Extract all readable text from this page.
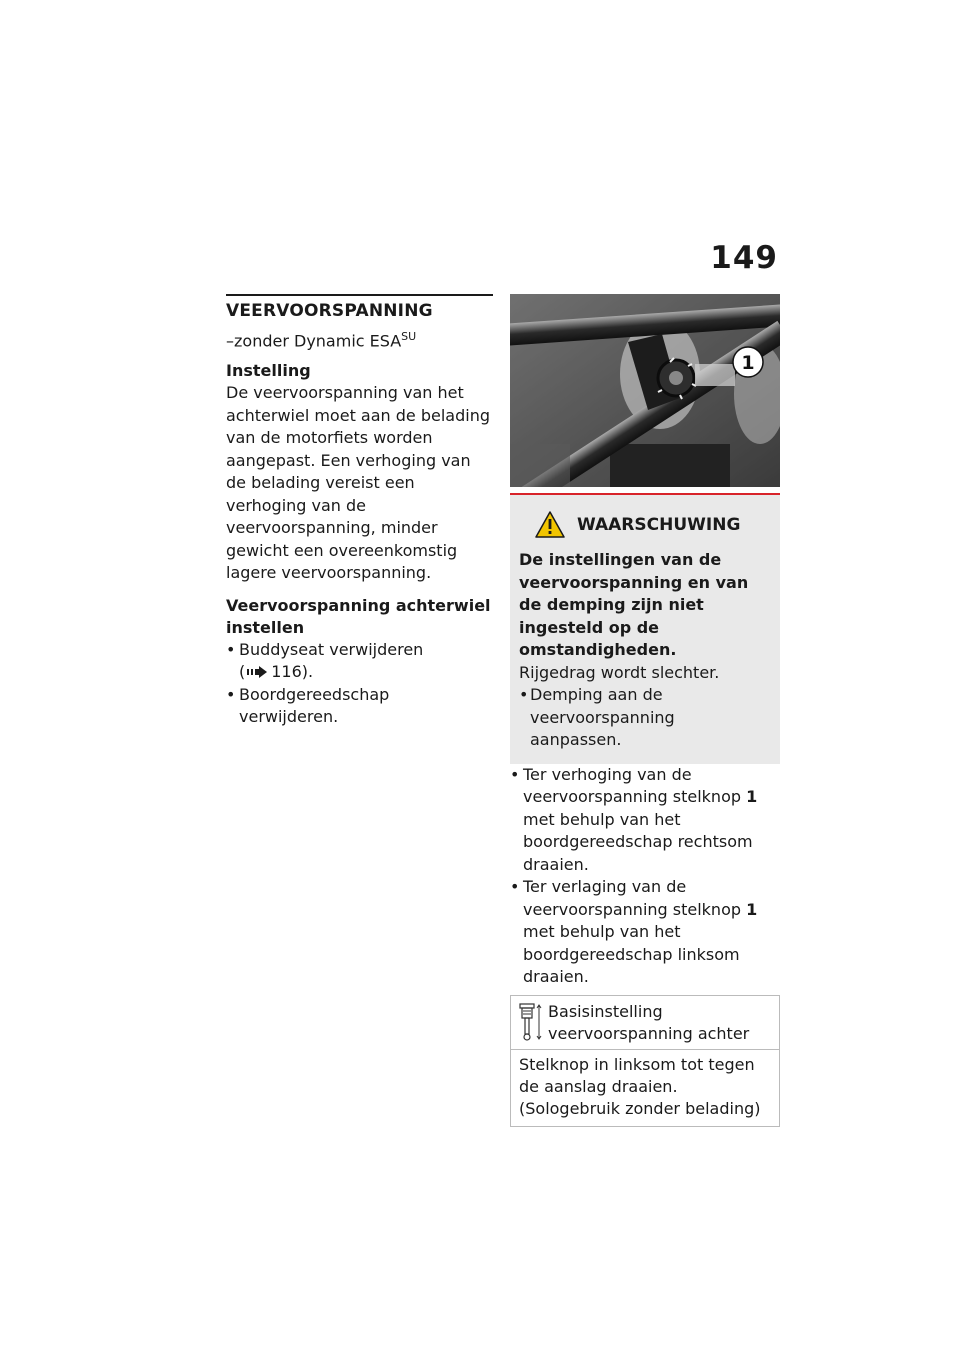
149
VEERVOORSPANNING
–zonder Dynamic $ESA^{SU}$
Instelling
De veervoorspanning van het achterwiel moet aan de belading van de motorfiets worden aangepast. Een verhoging van de belading vereist een verhoging van de veervoorspanning, minder gewicht een overeenkomstig lagere veervoorspanning.
Veervoorspanning achterwiel instellen
• Buddyseat verwijderen
( 116).
• Boordgereedschap verwijderen.
1
WAARSCHUWING
De instellingen van de veervoorspanning en van de demping zijn niet ingesteld op de omstandigheden.
Rijgedrag wordt slechter.
• Demping aan de veervoorspanning aanpassen.
• Ter verhoging van de veervoorspanning stelknop 1 met behulp van het boordgereedschap rechtsom draaien.
• Ter verlaging van de veervoorspanning stelknop 1 met behulp van het boordgereedschap linksom draaien.
Basisinstelling veervoorspanning achter
Stelknop in linksom tot tegen de aanslag draaien. (Sologebruik zonder belading)
